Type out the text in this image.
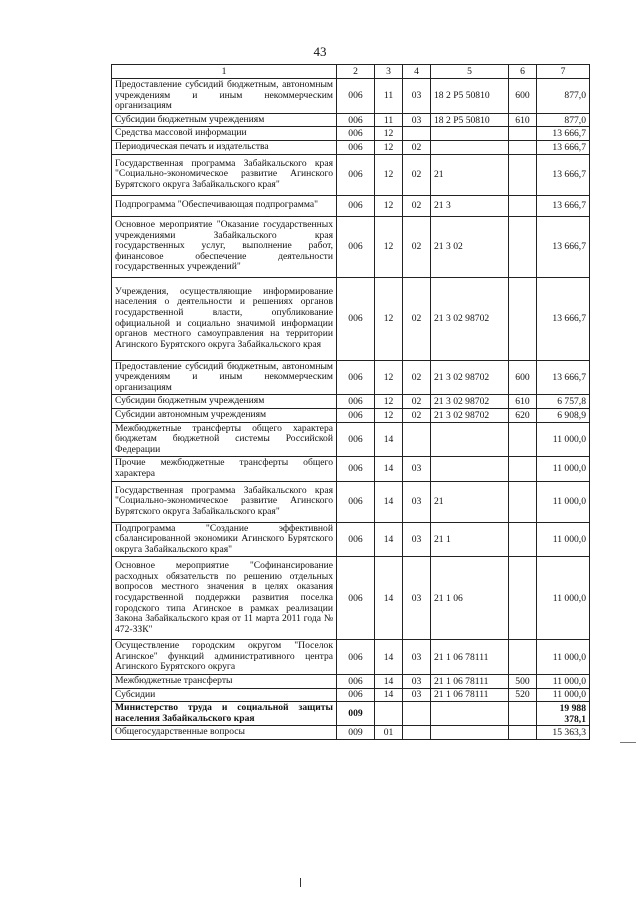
43
1	2	3	4	5	6	7
Предоставление субсидий бюджетным, автономным учреждениям и иным некоммерческим организациям	006	11	03	18 2 P5 50810	600	877,0
Субсидии бюджетным учреждениям	006	11	03	18 2 P5 50810	610	877,0
Средства массовой информации	006	12				13 666,7
Периодическая печать и издательства	006	12	02			13 666,7
Государственная программа Забайкальского края "Социально-экономическое развитие Агинского Бурятского округа Забайкальского края"	006	12	02	21		13 666,7
Подпрограмма "Обеспечивающая подпрограмма"	006	12	02	21 3		13 666,7
Основное мероприятие "Оказание государственных учреждениями Забайкальского края государственных услуг, выполнение работ, финансовое обеспечение деятельности государственных учреждений"	006	12	02	21 3 02		13 666,7
Учреждения, осуществляющие информирование населения о деятельности и решениях органов государственной власти, опубликование официальной и социально значимой информации органов местного самоуправления на территории Агинского Бурятского округа Забайкальского края	006	12	02	21 3 02 98702		13 666,7
Предоставление субсидий бюджетным, автономным учреждениям и иным некоммерческим организациям	006	12	02	21 3 02 98702	600	13 666,7
Субсидии бюджетным учреждениям	006	12	02	21 3 02 98702	610	6 757,8
Субсидии автономным учреждениям	006	12	02	21 3 02 98702	620	6 908,9
Межбюджетные трансферты общего характера бюджетам бюджетной системы Российской Федерации	006	14				11 000,0
Прочие межбюджетные трансферты общего характера	006	14	03			11 000,0
Государственная программа Забайкальского края "Социально-экономическое развитие Агинского Бурятского округа Забайкальского края"	006	14	03	21		11 000,0
Подпрограмма "Создание эффективной сбалансированной экономики Агинского Бурятского округа Забайкальского края"	006	14	03	21 1		11 000,0
Основное мероприятие "Софинансирование расходных обязательств по решению отдельных вопросов местного значения в целях оказания государственной поддержки развития поселка городского типа Агинское в рамках реализации Закона Забайкальского края от 11 марта 2011 года № 472-ЗЗК"	006	14	03	21 1 06		11 000,0
Осуществление городским округом "Поселок Агинское" функций административного центра Агинского Бурятского округа	006	14	03	21 1 06 78111		11 000,0
Межбюджетные трансферты	006	14	03	21 1 06 78111	500	11 000,0
Субсидии	006	14	03	21 1 06 78111	520	11 000,0
Министерство труда и социальной защиты населения Забайкальского края	009					19 988 378,1
Общегосударственные вопросы	009	01				15 363,3
